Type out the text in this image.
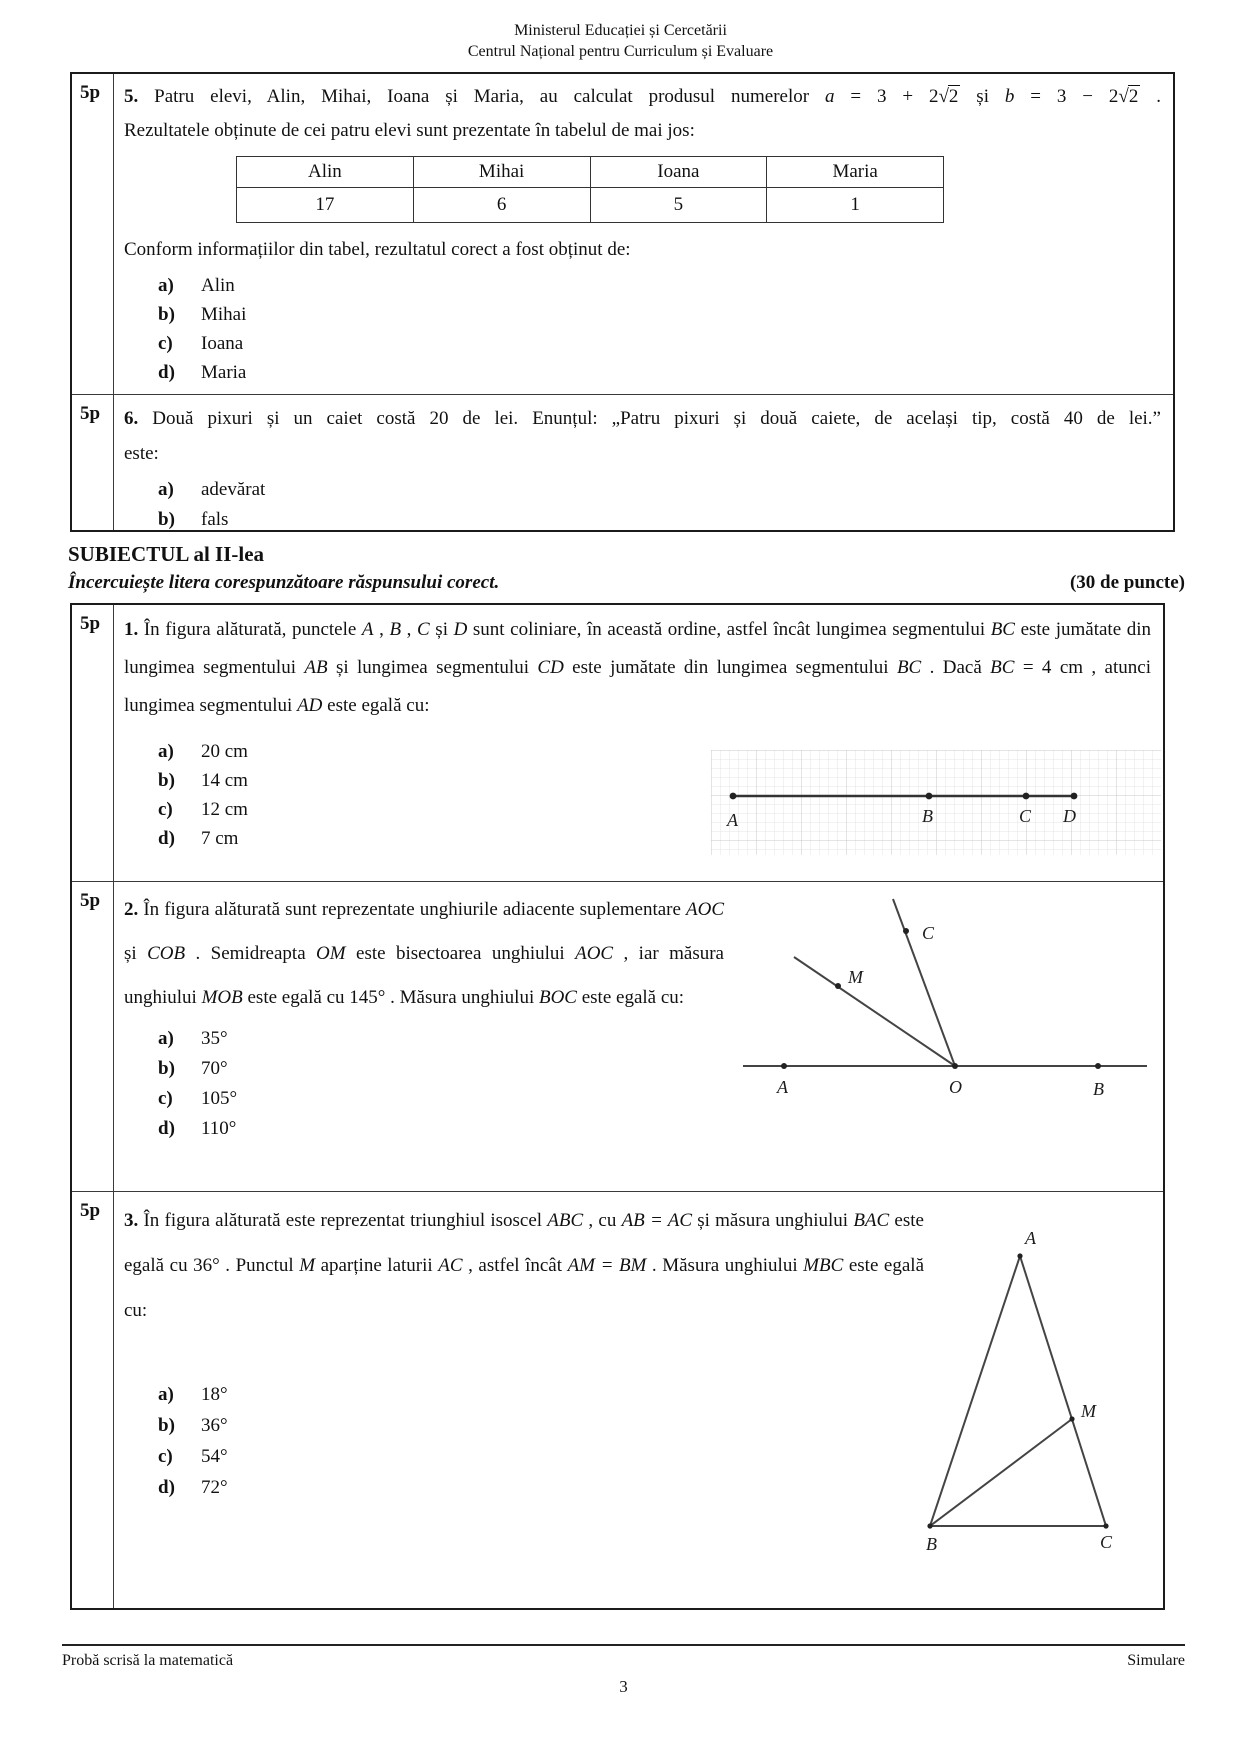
Ministerul Educației și Cercetării
Centrul Național pentru Curriculum și Evaluare
5p	5. Patru elevi, Alin, Mihai, Ioana și Maria, au calculat produsul numerelor a = 3 + 2√2 și b = 3 − 2√2 .
Rezultatele obținute de cei patru elevi sunt prezentate în tabelul de mai jos:
Alin	Mihai	Ioana	Maria
17	6	5	1
Conform informațiilor din tabel, rezultatul corect a fost obținut de:
a)	Alin
b)	Mihai
c)	Ioana
d)	Maria
5p	6. Două pixuri și un caiet costă 20 de lei. Enunțul: „Patru pixuri și două caiete, de același tip, costă 40 de lei.”
este:
a)	adevărat
b)	fals
SUBIECTUL al II-lea
Încercuiește litera corespunzătoare răspunsului corect.	(30 de puncte)
5p	1. În figura alăturată, punctele A , B , C și D sunt coliniare, în această ordine, astfel încât lungimea segmentului BC este jumătate din lungimea segmentului AB și lungimea segmentului CD este jumătate din lungimea segmentului BC . Dacă BC = 4 cm , atunci lungimea segmentului AD este egală cu:
a)	20 cm
b)	14 cm
c)	12 cm
d)	7 cm
A	B	C D
5p	2. În figura alăturată sunt reprezentate unghiurile adiacente suplementare AOC și COB . Semidreapta OM este bisectoarea unghiului AOC , iar măsura unghiului MOB este egală cu 145° . Măsura unghiului BOC este egală cu:
a)	35°
b)	70°
c)	105°
d)	110°
C
M
A	O	B
5p	3. În figura alăturată este reprezentat triunghiul isoscel ABC , cu AB = AC și măsura unghiului BAC este egală cu 36° . Punctul M aparține laturii AC , astfel încât AM = BM . Măsura unghiului MBC este egală cu:
a)	18°
b)	36°
c)	54°
d)	72°
A
B	C
M
Probă scrisă la matematică	Simulare
3
